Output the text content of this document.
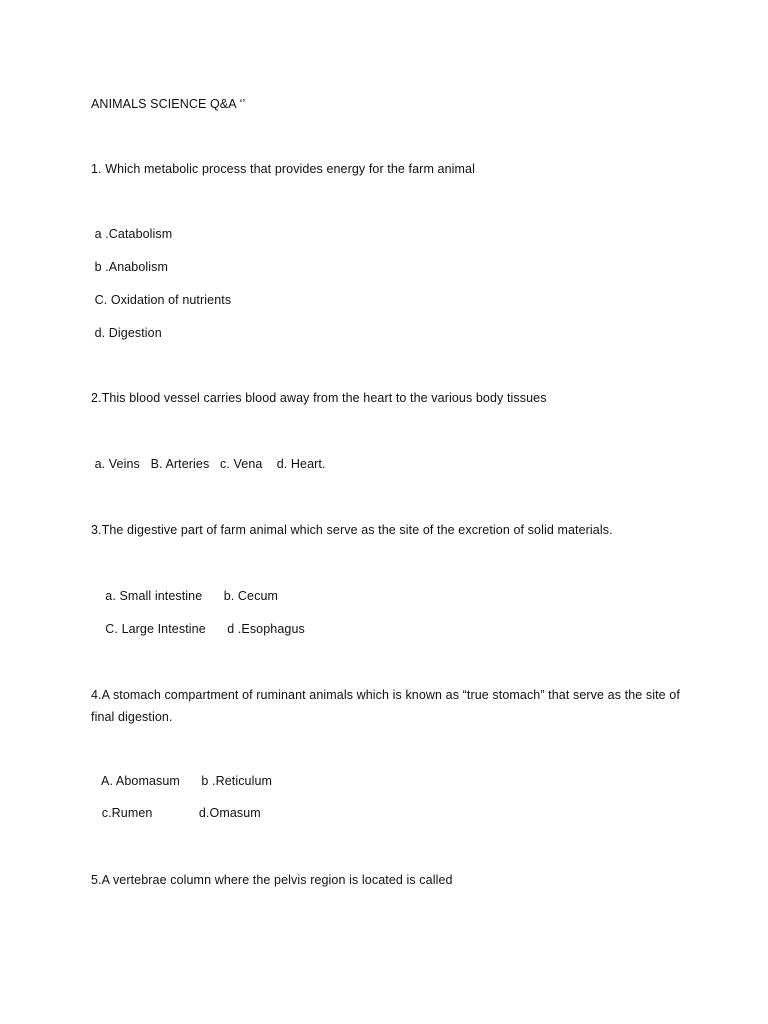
ANIMALS SCIENCE Q&A ‘’
1. Which metabolic process that provides energy for the farm animal
a .Catabolism
b .Anabolism
C. Oxidation of nutrients
d. Digestion
2.This blood vessel carries blood away from the heart to the various body tissues
a. Veins   B. Arteries   c. Vena    d. Heart.
3.The digestive part of farm animal which serve as the site of the excretion of solid materials.
a. Small intestine      b. Cecum
C. Large Intestine      d .Esophagus
4.A stomach compartment of ruminant animals which is known as “true stomach” that serve as the site of final digestion.
A. Abomasum      b .Reticulum
c.Rumen             d.Omasum
5.A vertebrae column where the pelvis region is located is called
